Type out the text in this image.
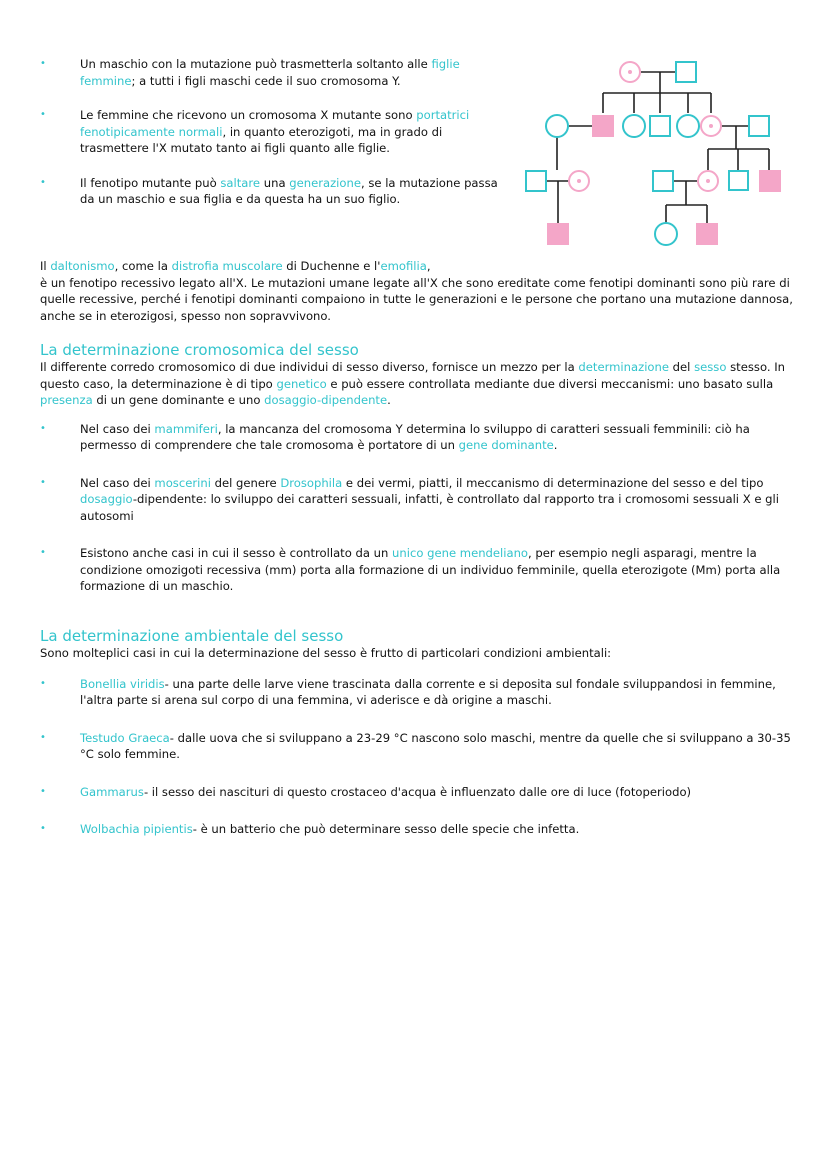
• Un maschio con la mutazione può trasmetterla soltanto alle figlie femmine; a tutti i figli maschi cede il suo cromosoma Y.
• Le femmine che ricevono un cromosoma X mutante sono portatrici fenotipicamente normali, in quanto eterozigoti, ma in grado di trasmettere l'X mutato tanto ai figli quanto alle figlie.
• Il fenotipo mutante può saltare una generazione, se la mutazione passa da un maschio e sua figlia e da questa ha un suo figlio.

Il daltonismo, come la distrofia muscolare di Duchenne e l'emofilia,
è un fenotipo recessivo legato all'X. Le mutazioni umane legate all'X che sono ereditate come fenotipi dominanti sono più rare di quelle recessive, perché i fenotipi dominanti compaiono in tutte le generazioni e le persone che portano una mutazione dannosa, anche se in eterozigosi, spesso non sopravvivono.

La determinazione cromosomica del sesso

Il differente corredo cromosomico di due individui di sesso diverso, fornisce un mezzo per la determinazione del sesso stesso. In questo caso, la determinazione è di tipo genetico e può essere controllata mediante due diversi meccanismi: uno basato sulla presenza di un gene dominante e uno dosaggio-dipendente.

• Nel caso dei mammiferi, la mancanza del cromosoma Y determina lo sviluppo di caratteri sessuali femminili: ciò ha permesso di comprendere che tale cromosoma è portatore di un gene dominante.
• Nel caso dei moscerini del genere Drosophila e dei vermi, piatti, il meccanismo di determinazione del sesso e del tipo dosaggio-dipendente: lo sviluppo dei caratteri sessuali, infatti, è controllato dal rapporto tra i cromosomi sessuali X e gli autosomi
• Esistono anche casi in cui il sesso è controllato da un unico gene mendeliano, per esempio negli asparagi, mentre la condizione omozigoti recessiva (mm) porta alla formazione di un individuo femminile, quella eterozigote (Mm) porta alla formazione di un maschio.
La determinazione ambientale del sesso

Sono molteplici casi in cui la determinazione del sesso è frutto di particolari condizioni ambientali:

• Bonellia viridis- una parte delle larve viene trascinata dalla corrente e si deposita sul fondale sviluppandosi in femmine, l'altra parte si arena sul corpo di una femmina, vi aderisce e dà origine a maschi.
• Testudo Graeca- dalle uova che si sviluppano a 23-29 °C nascono solo maschi, mentre da quelle che si sviluppano a 30-35 °C solo femmine.
• Gammarus- il sesso dei nascituri di questo crostaceo d'acqua è influenzato dalle ore di luce (fotoperiodo)
• Wolbachia pipientis- è un batterio che può determinare sesso delle specie che infetta.
